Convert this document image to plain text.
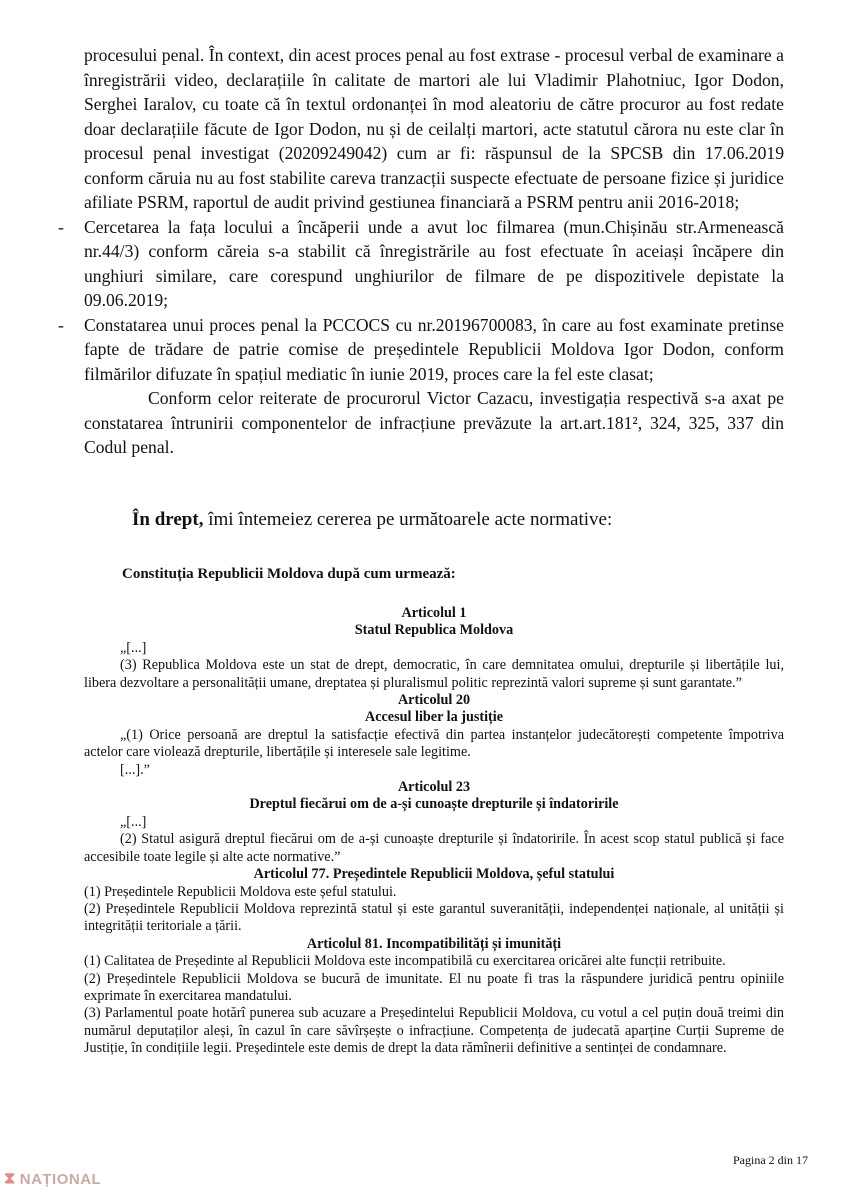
procesului penal. În context, din acest proces penal au fost extrase - procesul verbal de examinare a înregistrării video, declarațiile în calitate de martori ale lui Vladimir Plahotniuc, Igor Dodon, Serghei Iaralov, cu toate că în textul ordonanței în mod aleatoriu de către procuror au fost redate doar declarațiile făcute de Igor Dodon, nu și de ceilalți martori, acte statutul cărora nu este clar în procesul penal investigat (20209249042) cum ar fi: răspunsul de la SPCSB din 17.06.2019 conform căruia nu au fost stabilite careva tranzacții suspecte efectuate de persoane fizice și juridice afiliate PSRM, raportul de audit privind gestiunea financiară a PSRM pentru anii 2016-2018;

- Cercetarea la fața locului a încăperii unde a avut loc filmarea (mun.Chișinău str.Armenească nr.44/3) conform căreia s-a stabilit că înregistrările au fost efectuate în aceiași încăpere din unghiuri similare, care corespund unghiurilor de filmare de pe dispozitivele depistate la 09.06.2019;

- Constatarea unui proces penal la PCCOCS cu nr.20196700083, în care au fost examinate pretinse fapte de trădare de patrie comise de președintele Republicii Moldova Igor Dodon, conform filmărilor difuzate în spațiul mediatic în iunie 2019, proces care la fel este clasat;

Conform celor reiterate de procurorul Victor Cazacu, investigația respectivă s-a axat pe constatarea întrunirii componentelor de infracțiune prevăzute la art.art.181², 324, 325, 337 din Codul penal.

În drept, îmi întemeiez cererea pe următoarele acte normative:

Constituția Republicii Moldova după cum urmează:

Articolul 1

Statul Republica Moldova

„[...]

(3) Republica Moldova este un stat de drept, democratic, în care demnitatea omului, drepturile și libertățile lui, libera dezvoltare a personalității umane, dreptatea și pluralismul politic reprezintă valori supreme și sunt garantate.”

Articolul 20

Accesul liber la justiție

„(1) Orice persoană are dreptul la satisfacție efectivă din partea instanțelor judecătorești competente împotriva actelor care violează drepturile, libertățile și interesele sale legitime.

[...].”

Articolul 23

Dreptul fiecărui om de a-și cunoaște drepturile și îndatoririle

„[...]

(2) Statul asigură dreptul fiecărui om de a-și cunoaște drepturile și îndatoririle. În acest scop statul publică și face accesibile toate legile și alte acte normative.”

Articolul 77. Președintele Republicii Moldova, șeful statului

(1) Președintele Republicii Moldova este șeful statului.

(2) Președintele Republicii Moldova reprezintă statul și este garantul suveranității, independenței naționale, al unității și integrității teritoriale a țării.

Articolul 81. Incompatibilități și imunități

(1) Calitatea de Președinte al Republicii Moldova este incompatibilă cu exercitarea oricărei alte funcții retribuite.

(2) Președintele Republicii Moldova se bucură de imunitate. El nu poate fi tras la răspundere juridică pentru opiniile exprimate în exercitarea mandatului.

(3) Parlamentul poate hotărî punerea sub acuzare a Președintelui Republicii Moldova, cu votul a cel puțin două treimi din numărul deputaților aleși, în cazul în care săvîrșește o infracțiune. Competența de judecată aparține Curții Supreme de Justiție, în condițiile legii. Președintele este demis de drept la data rămînerii definitive a sentinței de condamnare.

Pagina 2 din 17
⧗ NAȚIONAL
